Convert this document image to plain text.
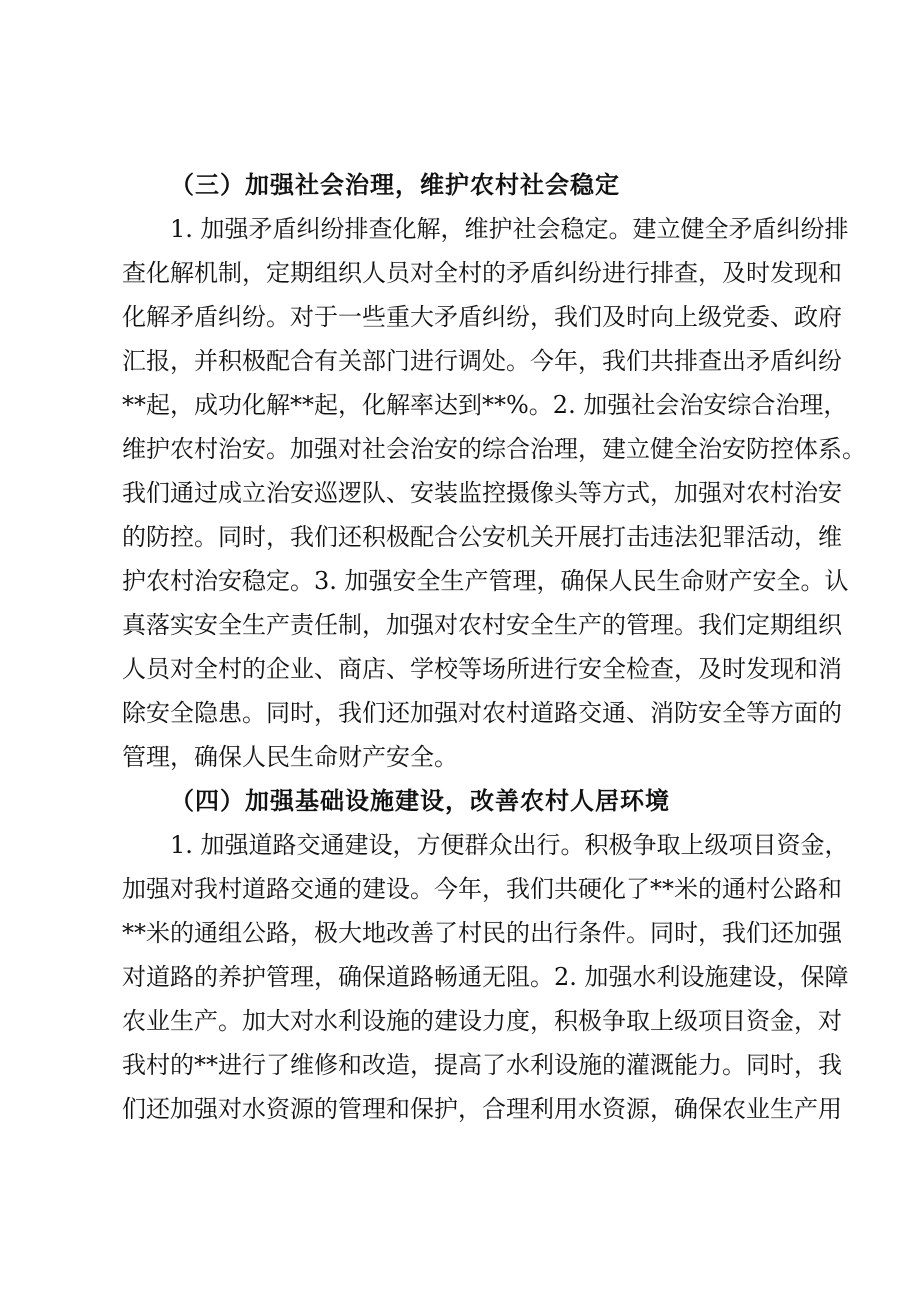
（三）加强社会治理，维护农村社会稳定
1. 加强矛盾纠纷排查化解，维护社会稳定。建立健全矛盾纠纷排
查化解机制，定期组织人员对全村的矛盾纠纷进行排查，及时发现和
化解矛盾纠纷。对于一些重大矛盾纠纷，我们及时向上级党委、政府
汇报，并积极配合有关部门进行调处。今年，我们共排查出矛盾纠纷
**起，成功化解**起，化解率达到**%。2. 加强社会治安综合治理，
维护农村治安。加强对社会治安的综合治理，建立健全治安防控体系。
我们通过成立治安巡逻队、安装监控摄像头等方式，加强对农村治安
的防控。同时，我们还积极配合公安机关开展打击违法犯罪活动，维
护农村治安稳定。3. 加强安全生产管理，确保人民生命财产安全。认
真落实安全生产责任制，加强对农村安全生产的管理。我们定期组织
人员对全村的企业、商店、学校等场所进行安全检查，及时发现和消
除安全隐患。同时，我们还加强对农村道路交通、消防安全等方面的
管理，确保人民生命财产安全。
（四）加强基础设施建设，改善农村人居环境
1. 加强道路交通建设，方便群众出行。积极争取上级项目资金，
加强对我村道路交通的建设。今年，我们共硬化了**米的通村公路和
**米的通组公路，极大地改善了村民的出行条件。同时，我们还加强
对道路的养护管理，确保道路畅通无阻。2. 加强水利设施建设，保障
农业生产。加大对水利设施的建设力度，积极争取上级项目资金，对
我村的**进行了维修和改造，提高了水利设施的灌溉能力。同时，我
们还加强对水资源的管理和保护，合理利用水资源，确保农业生产用
